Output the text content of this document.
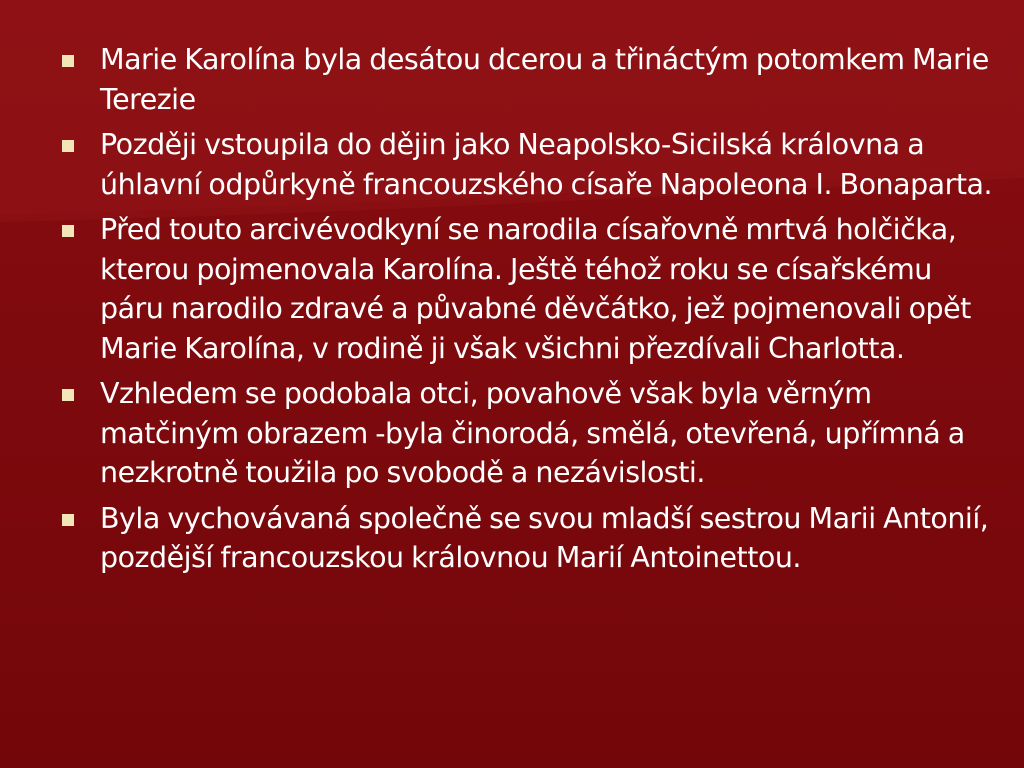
Marie Karolína byla desátou dcerou a třináctým potomkem Marie Terezie
Později vstoupila do dějin jako Neapolsko-Sicilská královna a úhlavní odpůrkyně francouzského císaře Napoleona I. Bonaparta.
Před touto arcivévodkyní se narodila císařovně mrtvá holčička, kterou pojmenovala Karolína. Ještě téhož roku se císařskému páru narodilo zdravé a půvabné děvčátko, jež pojmenovali opět Marie Karolína, v rodině ji však všichni přezdívali Charlotta.
Vzhledem se podobala otci, povahově však byla věrným matčiným obrazem -byla činorodá, smělá, otevřená, upřímná a nezkrotně toužila po svobodě a nezávislosti.
Byla vychovávaná společně se svou mladší sestrou Marii Antonií, pozdější francouzskou královnou Marií Antoinettou.
